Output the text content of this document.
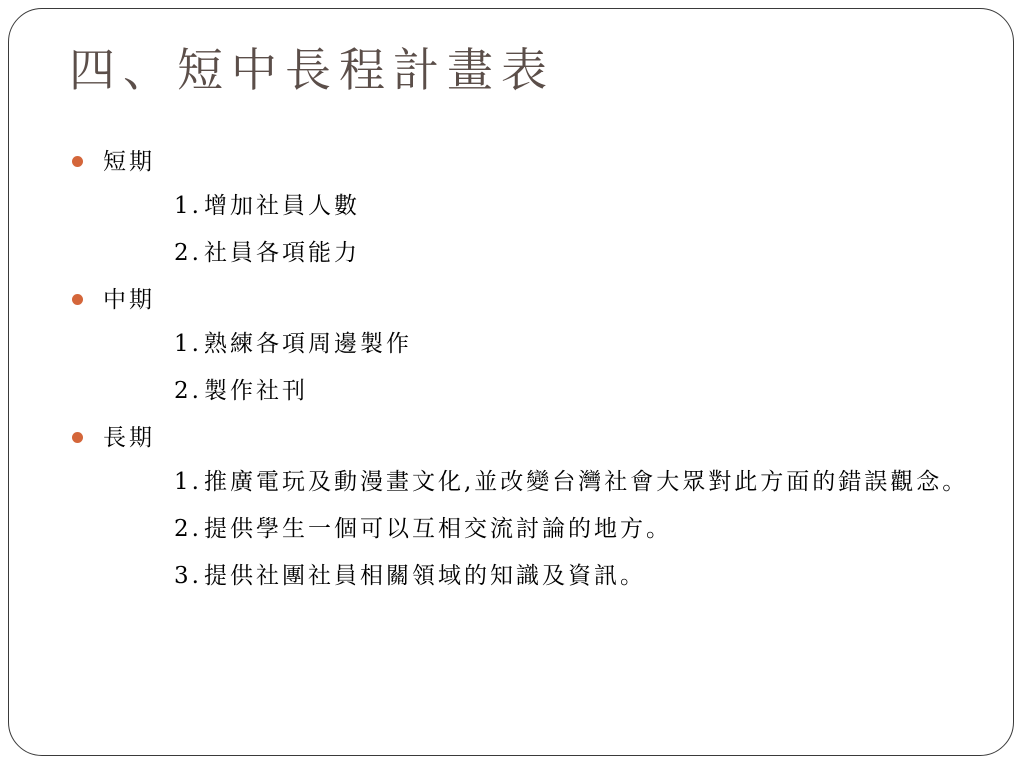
四、短中長程計畫表
短期
1. 增加社員人數
2. 社員各項能力
中期
1. 熟練各項周邊製作
2. 製作社刊
長期
1. 推廣電玩及動漫畫文化,並改變台灣社會大眾對此方面的錯誤觀念。
2. 提供學生一個可以互相交流討論的地方。
3. 提供社團社員相關領域的知識及資訊。
